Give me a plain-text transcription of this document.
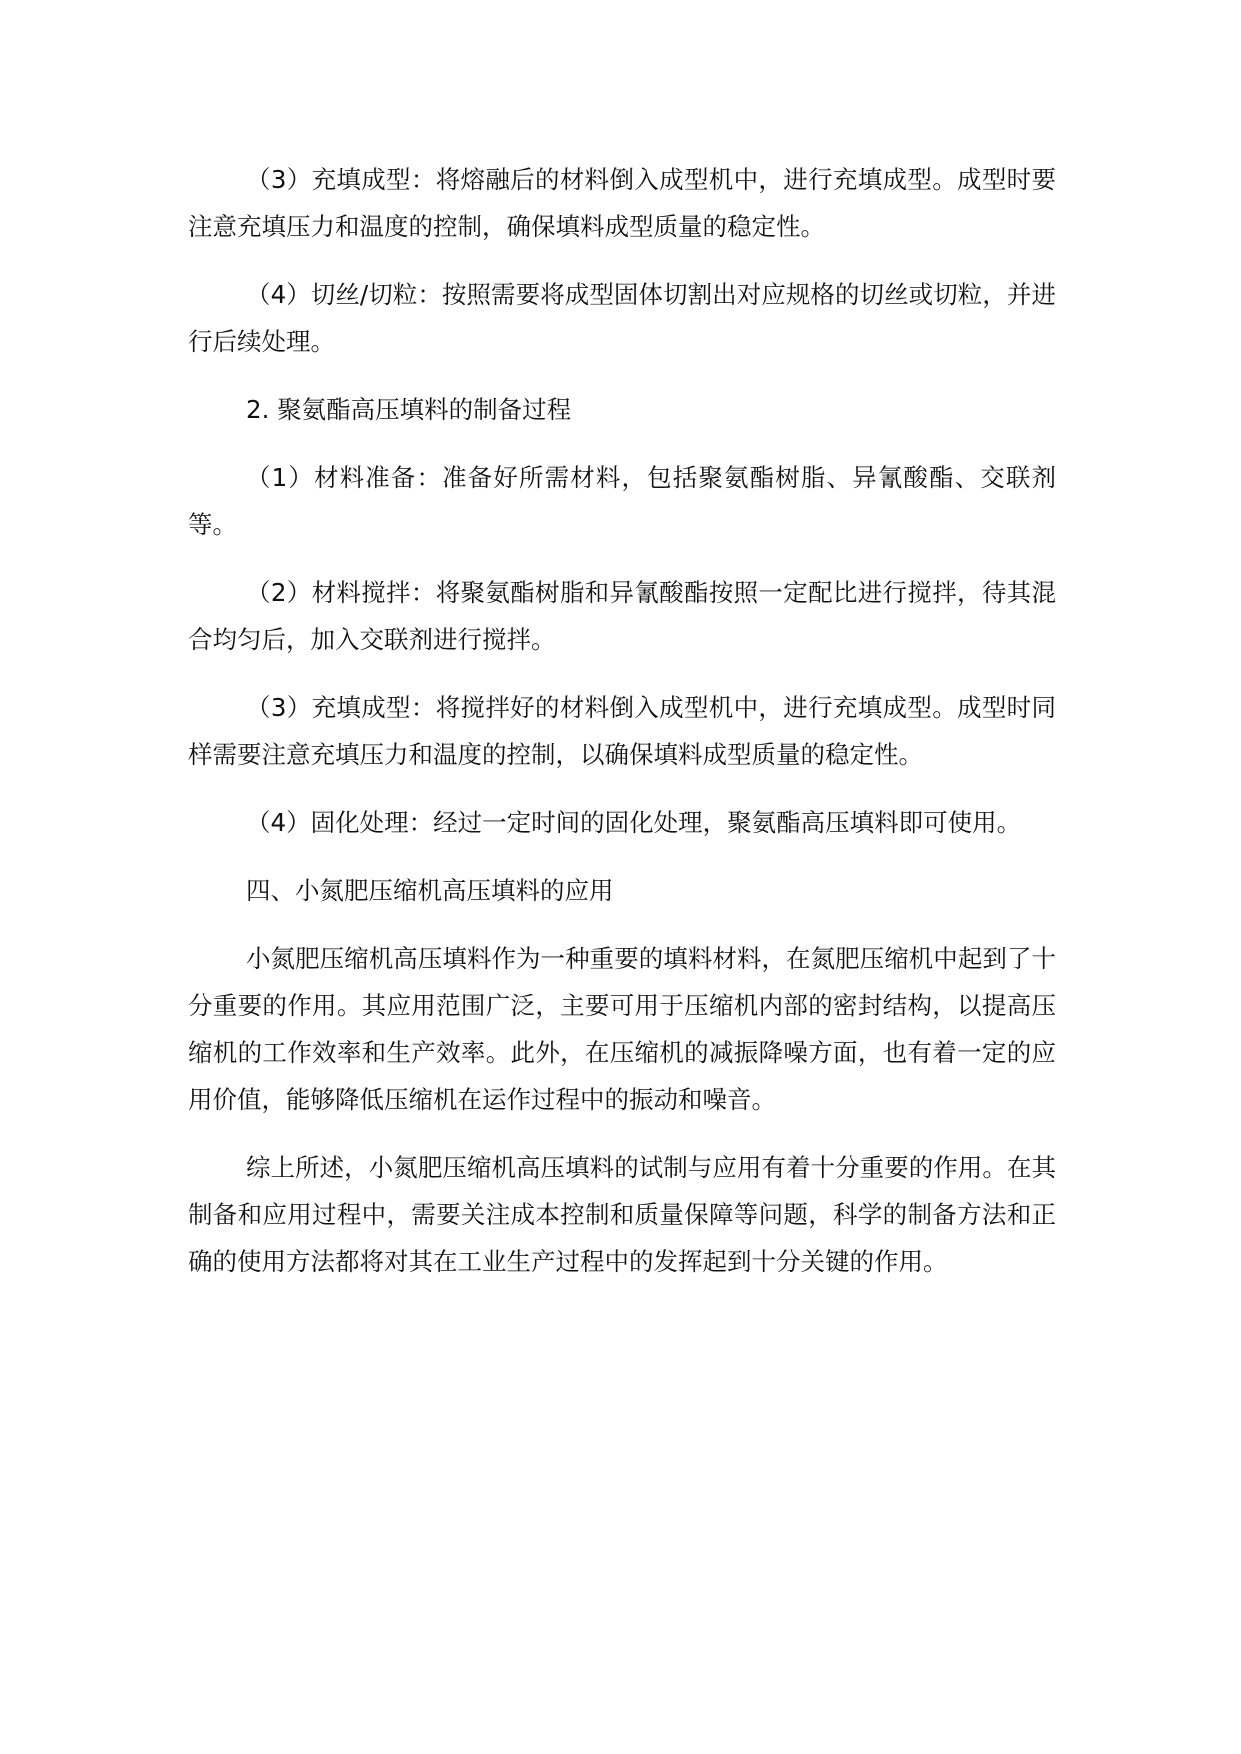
（3）充填成型：将熔融后的材料倒入成型机中，进行充填成型。成型时要注意充填压力和温度的控制，确保填料成型质量的稳定性。

（4）切丝/切粒：按照需要将成型固体切割出对应规格的切丝或切粒，并进行后续处理。

2. 聚氨酯高压填料的制备过程

（1）材料准备：准备好所需材料，包括聚氨酯树脂、异氰酸酯、交联剂等。

（2）材料搅拌：将聚氨酯树脂和异氰酸酯按照一定配比进行搅拌，待其混合均匀后，加入交联剂进行搅拌。

（3）充填成型：将搅拌好的材料倒入成型机中，进行充填成型。成型时同样需要注意充填压力和温度的控制，以确保填料成型质量的稳定性。

（4）固化处理：经过一定时间的固化处理，聚氨酯高压填料即可使用。

四、小氮肥压缩机高压填料的应用

小氮肥压缩机高压填料作为一种重要的填料材料，在氮肥压缩机中起到了十分重要的作用。其应用范围广泛，主要可用于压缩机内部的密封结构，以提高压缩机的工作效率和生产效率。此外，在压缩机的减振降噪方面，也有着一定的应用价值，能够降低压缩机在运作过程中的振动和噪音。

综上所述，小氮肥压缩机高压填料的试制与应用有着十分重要的作用。在其制备和应用过程中，需要关注成本控制和质量保障等问题，科学的制备方法和正确的使用方法都将对其在工业生产过程中的发挥起到十分关键的作用。
